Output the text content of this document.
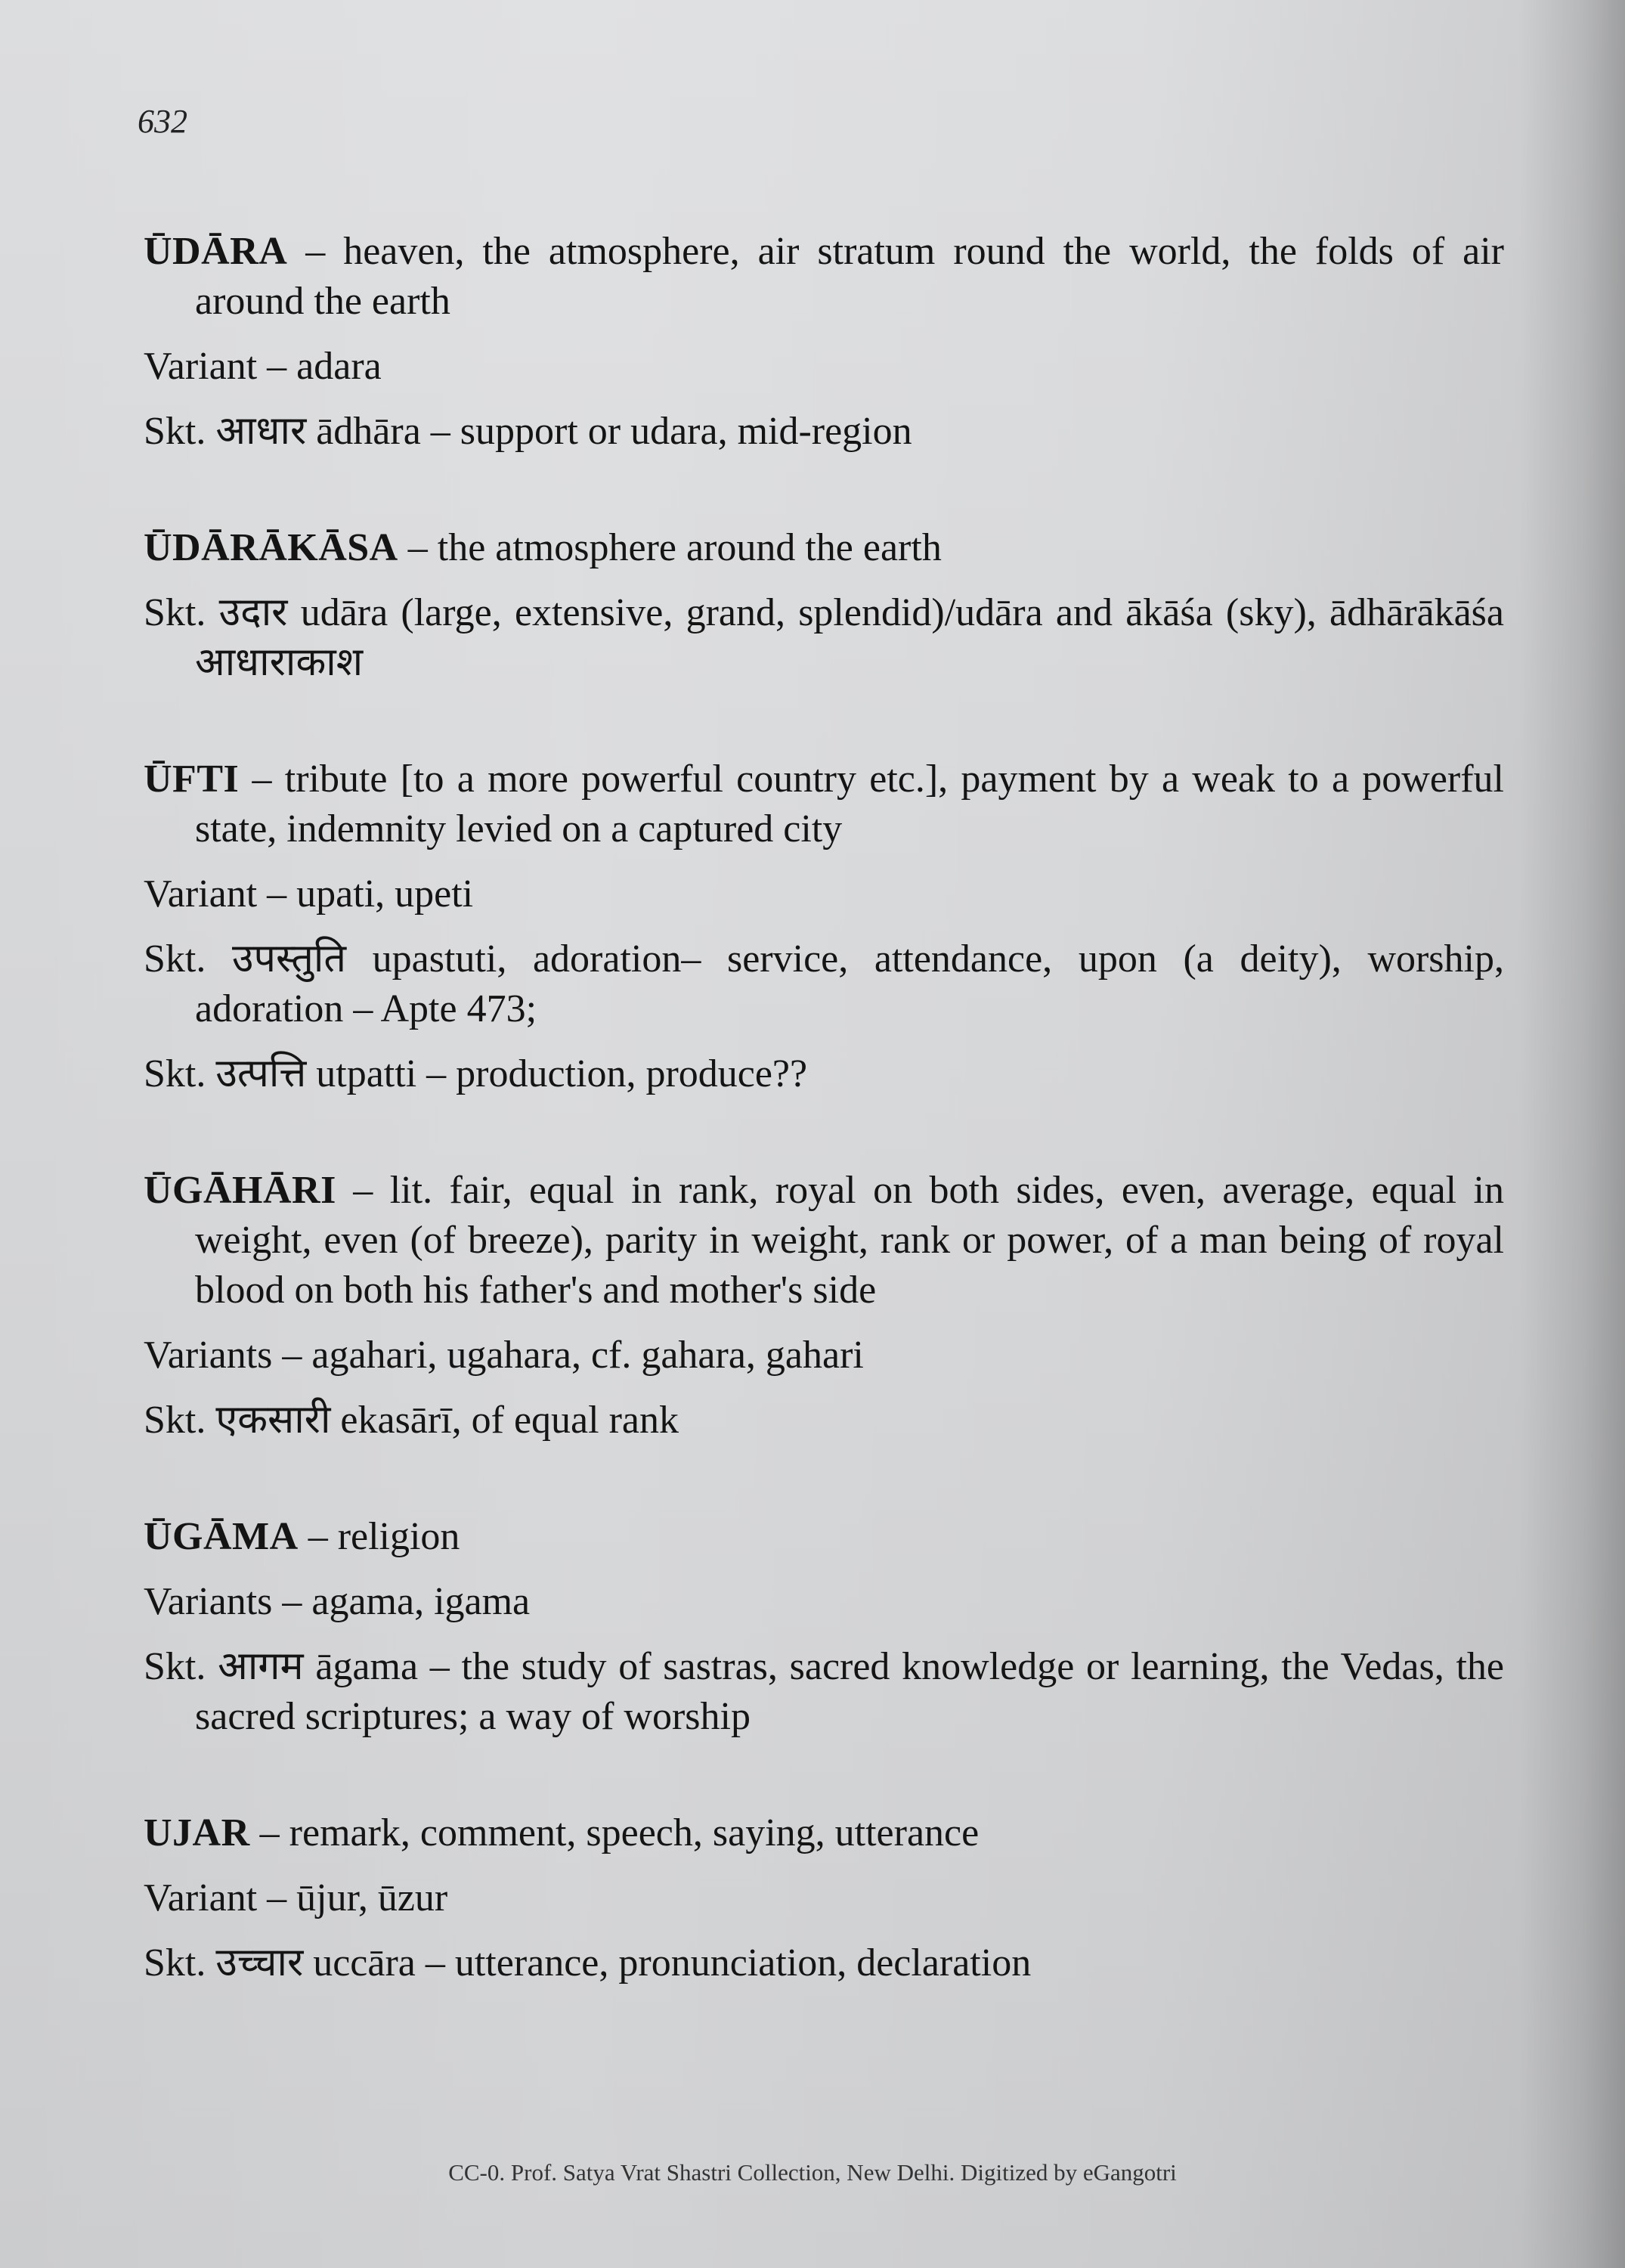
632

ŪDĀRA – heaven, the atmosphere, air stratum round the world, the folds of air around the earth

Variant – adara

Skt. आधार ādhāra – support or udara, mid-region

ŪDĀRĀKĀSA – the atmosphere around the earth

Skt. उदार udāra (large, extensive, grand, splendid)/udāra and ākāśa (sky), ādhārākāśa आधाराकाश

ŪFTI – tribute [to a more powerful country etc.], payment by a weak to a powerful state, indemnity levied on a captured city

Variant – upati, upeti

Skt. उपस्तुति upastuti, adoration– service, attendance, upon (a deity), worship, adoration – Apte 473;

Skt. उत्पत्ति utpatti – production, produce??

ŪGĀHĀRI – lit. fair, equal in rank, royal on both sides, even, average, equal in weight, even (of breeze), parity in weight, rank or power, of a man being of royal blood on both his father's and mother's side

Variants – agahari, ugahara, cf. gahara, gahari

Skt. एकसारी ekasārī, of equal rank

ŪGĀMA – religion

Variants – agama, igama

Skt. आगम āgama – the study of sastras, sacred knowledge or learning, the Vedas, the sacred scriptures; a way of worship

UJAR – remark, comment, speech, saying, utterance

Variant – ūjur, ūzur

Skt. उच्चार uccāra – utterance, pronunciation, declaration

CC-0. Prof. Satya Vrat Shastri Collection, New Delhi. Digitized by eGangotri
